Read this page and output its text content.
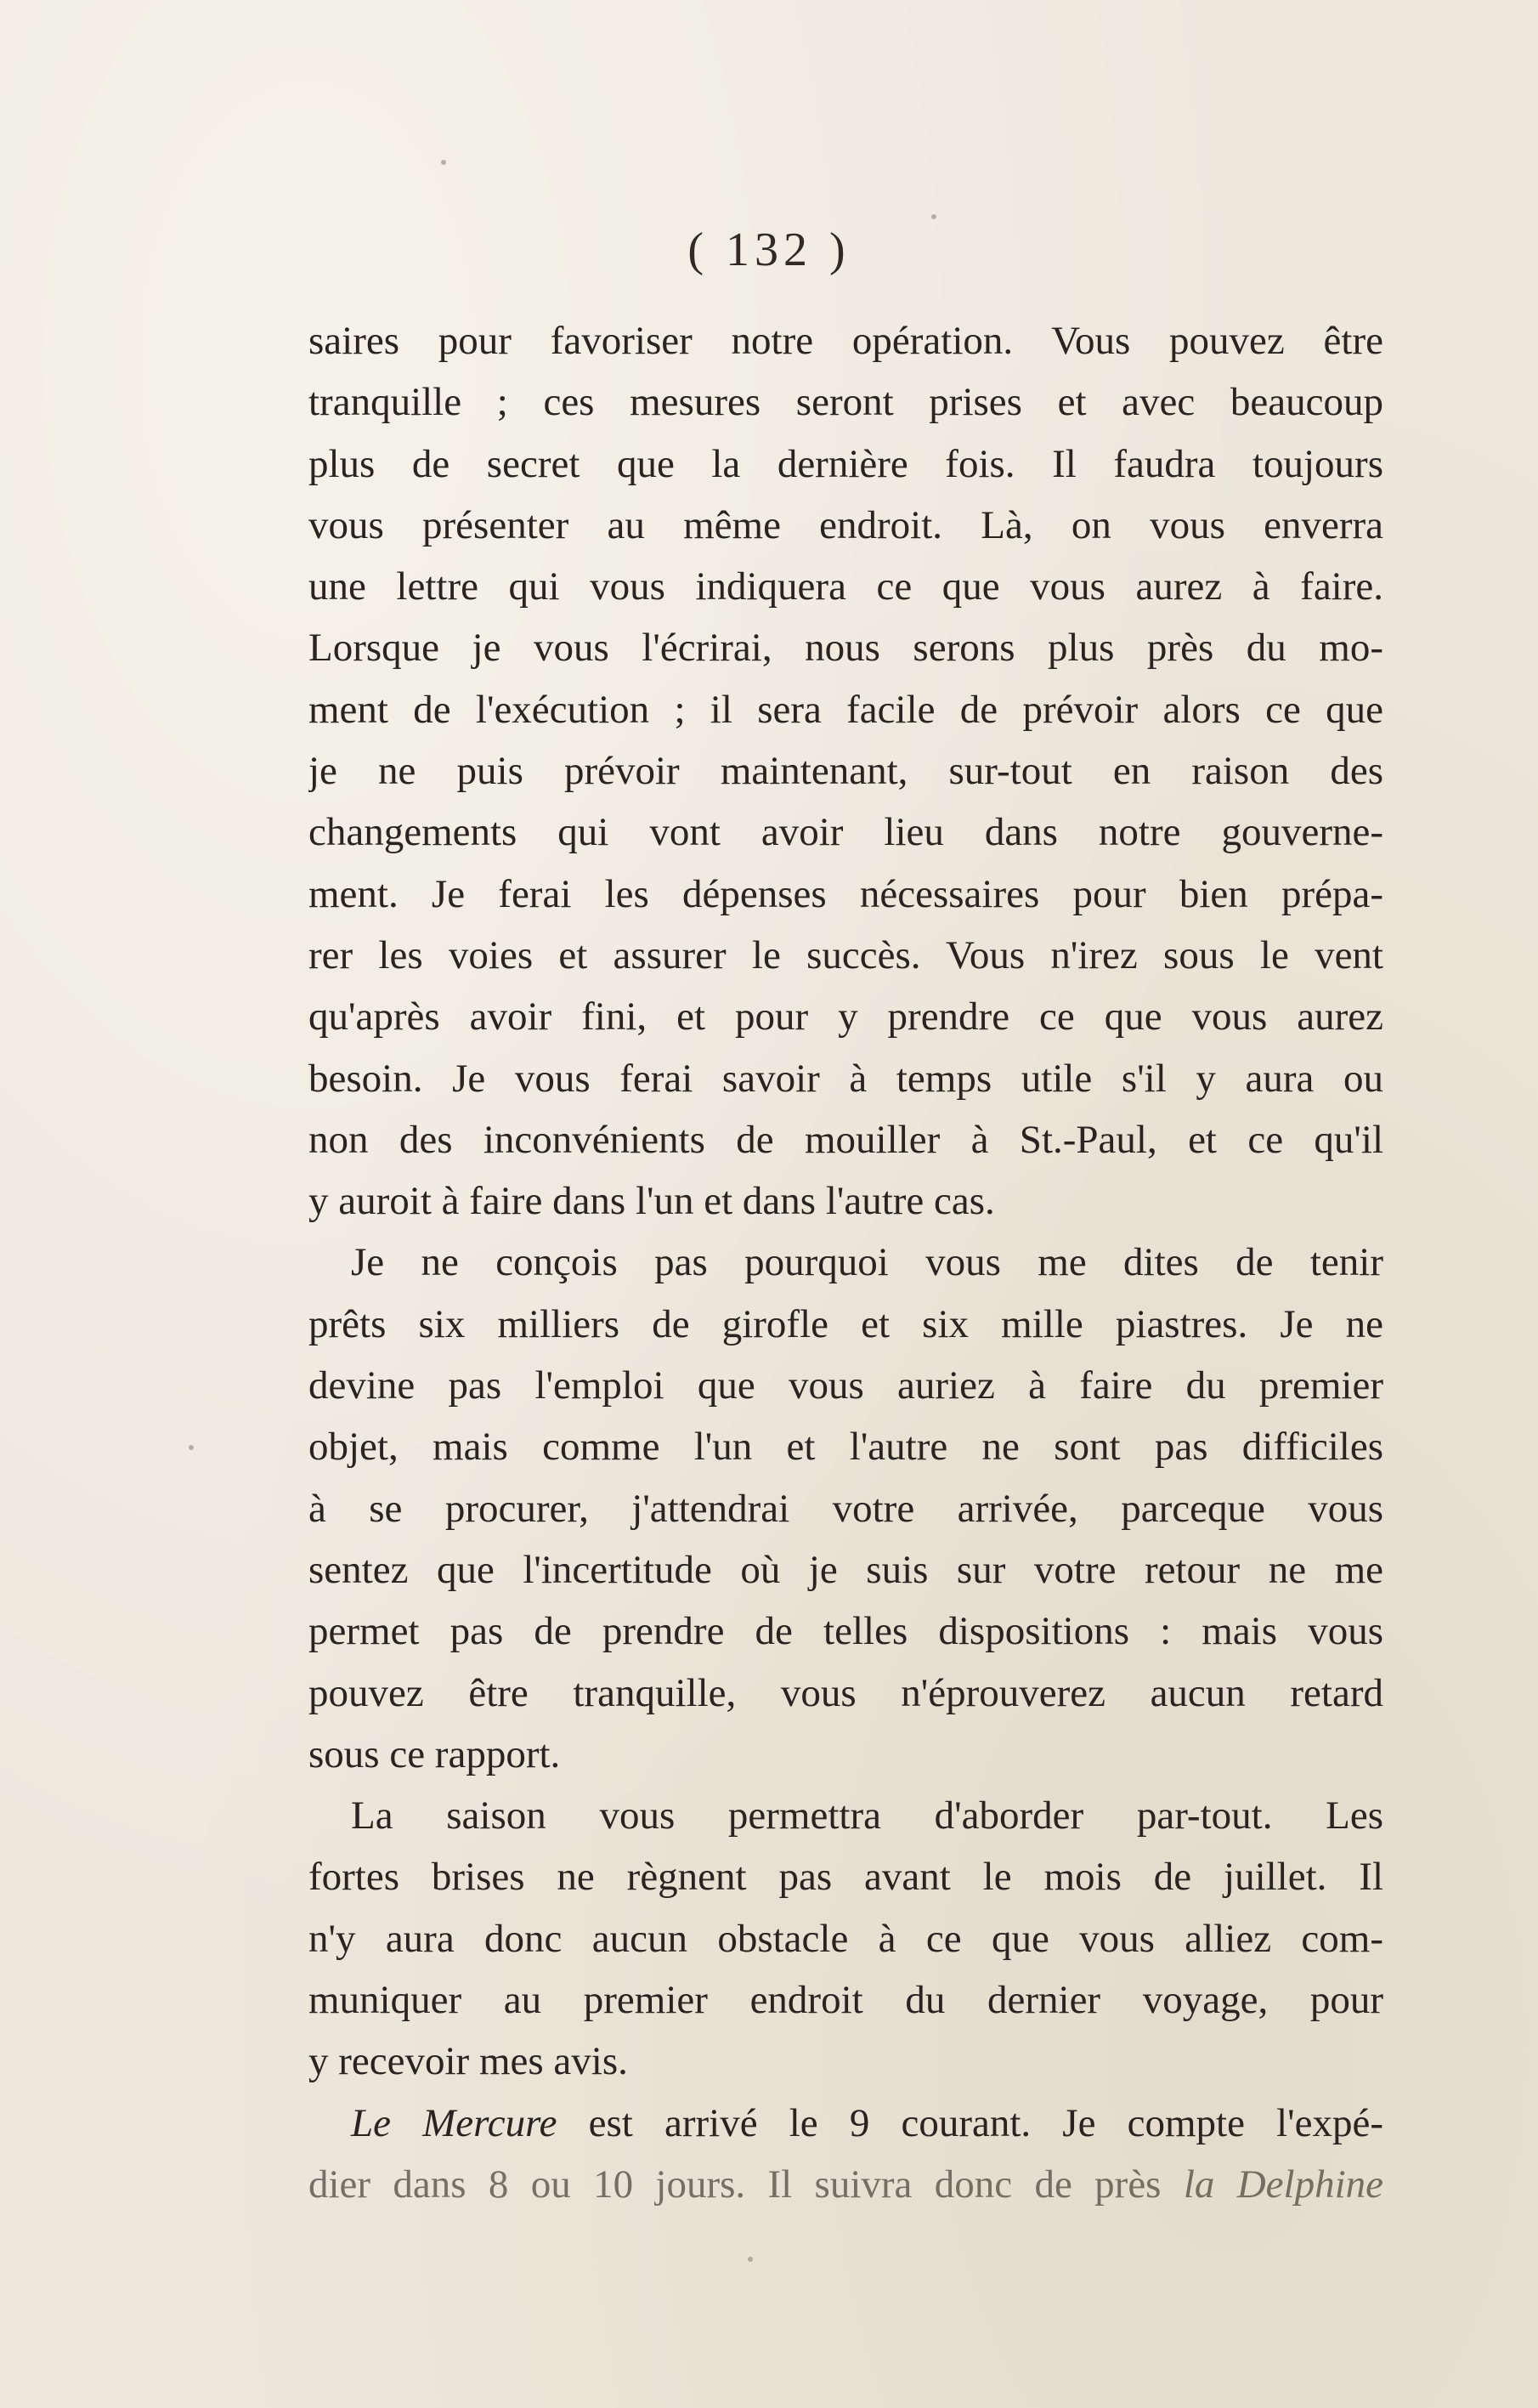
( 132 )
saires pour favoriser notre opération. Vous pouvez être
tranquille ; ces mesures seront prises et avec beaucoup
plus de secret que la dernière fois. Il faudra toujours
vous présenter au même endroit. Là, on vous enverra
une lettre qui vous indiquera ce que vous aurez à faire.
Lorsque je vous l'écrirai, nous serons plus près du mo-
ment de l'exécution ; il sera facile de prévoir alors ce que
je ne puis prévoir maintenant, sur-tout en raison des
changements qui vont avoir lieu dans notre gouverne-
ment. Je ferai les dépenses nécessaires pour bien prépa-
rer les voies et assurer le succès. Vous n'irez sous le vent
qu'après avoir fini, et pour y prendre ce que vous aurez
besoin. Je vous ferai savoir à temps utile s'il y aura ou
non des inconvénients de mouiller à St.-Paul, et ce qu'il
y auroit à faire dans l'un et dans l'autre cas.
Je ne conçois pas pourquoi vous me dites de tenir
prêts six milliers de girofle et six mille piastres. Je ne
devine pas l'emploi que vous auriez à faire du premier
objet, mais comme l'un et l'autre ne sont pas difficiles
à se procurer, j'attendrai votre arrivée, parceque vous
sentez que l'incertitude où je suis sur votre retour ne me
permet pas de prendre de telles dispositions : mais vous
pouvez être tranquille, vous n'éprouverez aucun retard
sous ce rapport.
La saison vous permettra d'aborder par-tout. Les
fortes brises ne règnent pas avant le mois de juillet. Il
n'y aura donc aucun obstacle à ce que vous alliez com-
muniquer au premier endroit du dernier voyage, pour
y recevoir mes avis.
Le Mercure est arrivé le 9 courant. Je compte l'expé-
dier dans 8 ou 10 jours. Il suivra donc de près la Delphine
